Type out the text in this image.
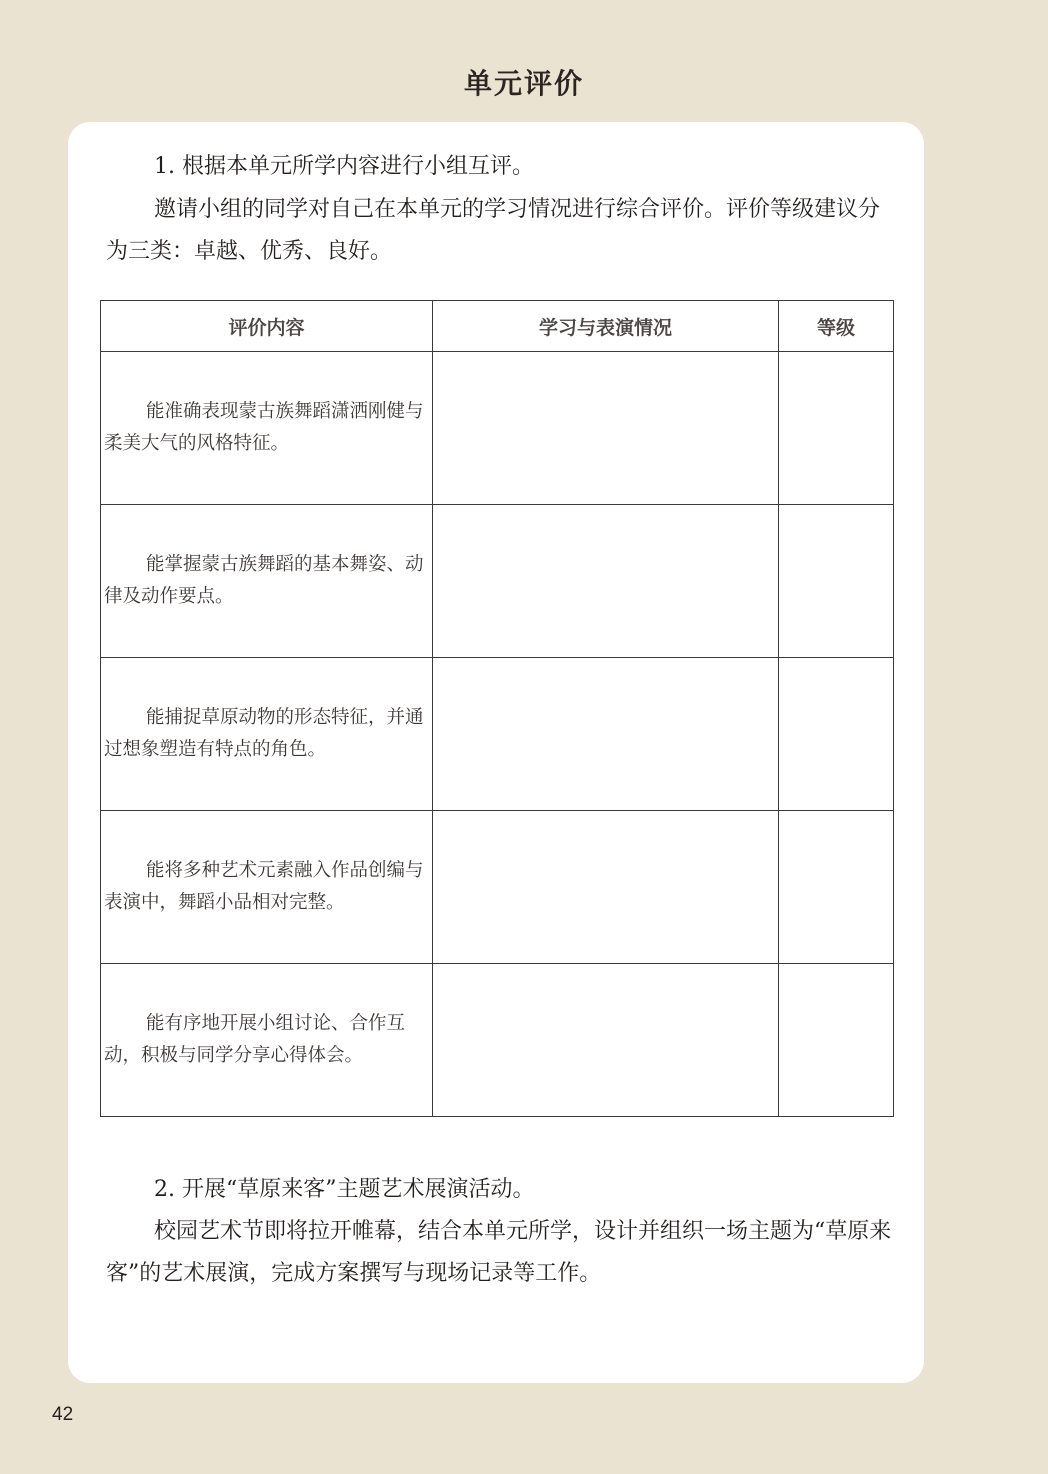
单元评价

1. 根据本单元所学内容进行小组互评。

邀请小组的同学对自己在本单元的学习情况进行综合评价。评价等级建议分为三类：卓越、优秀、良好。

评价内容	学习与表演情况	等级

能准确表现蒙古族舞蹈潇洒刚健与柔美大气的风格特征。		

能掌握蒙古族舞蹈的基本舞姿、动律及动作要点。		

能捕捉草原动物的形态特征，并通过想象塑造有特点的角色。		

能将多种艺术元素融入作品创编与表演中，舞蹈小品相对完整。		

能有序地开展小组讨论、合作互动，积极与同学分享心得体会。		

2. 开展“草原来客”主题艺术展演活动。

校园艺术节即将拉开帷幕，结合本单元所学，设计并组织一场主题为“草原来客”的艺术展演，完成方案撰写与现场记录等工作。

42
